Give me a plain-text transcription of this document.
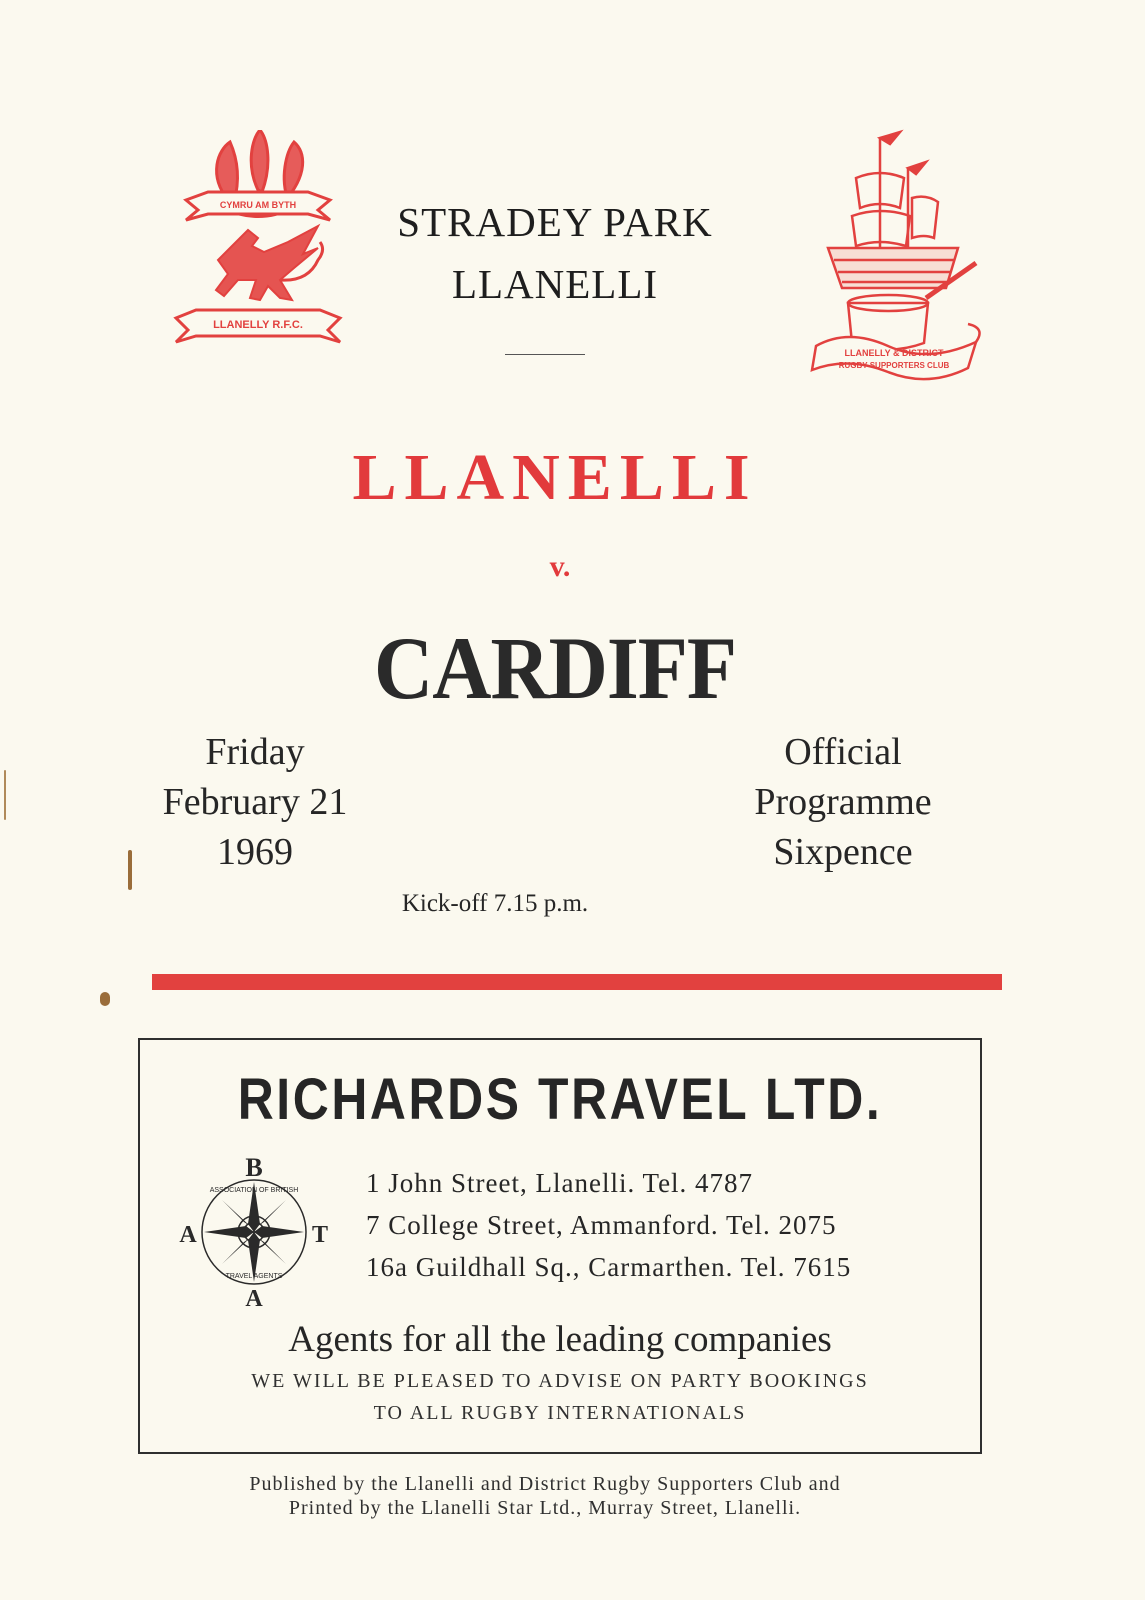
CYMRU AM BYTH
LLANELLY R.F.C.
LLANELLY & DISTRICT
RUGBY SUPPORTERS CLUB
STRADEY PARK
LLANELLI
LLANELLI
v.
CARDIFF
Friday
February 21
1969
Official
Programme
Sixpence
Kick-off 7.15 p.m.
RICHARDS TRAVEL LTD.
B
A	T
A
ASSOCIATION OF BRITISH
TRAVEL AGENTS
1 John Street, Llanelli. Tel. 4787
7 College Street, Ammanford. Tel. 2075
16a Guildhall Sq., Carmarthen. Tel. 7615
Agents for all the leading companies
WE WILL BE PLEASED TO ADVISE ON PARTY BOOKINGS
TO ALL RUGBY INTERNATIONALS
Published by the Llanelli and District Rugby Supporters Club and
Printed by the Llanelli Star Ltd., Murray Street, Llanelli.
